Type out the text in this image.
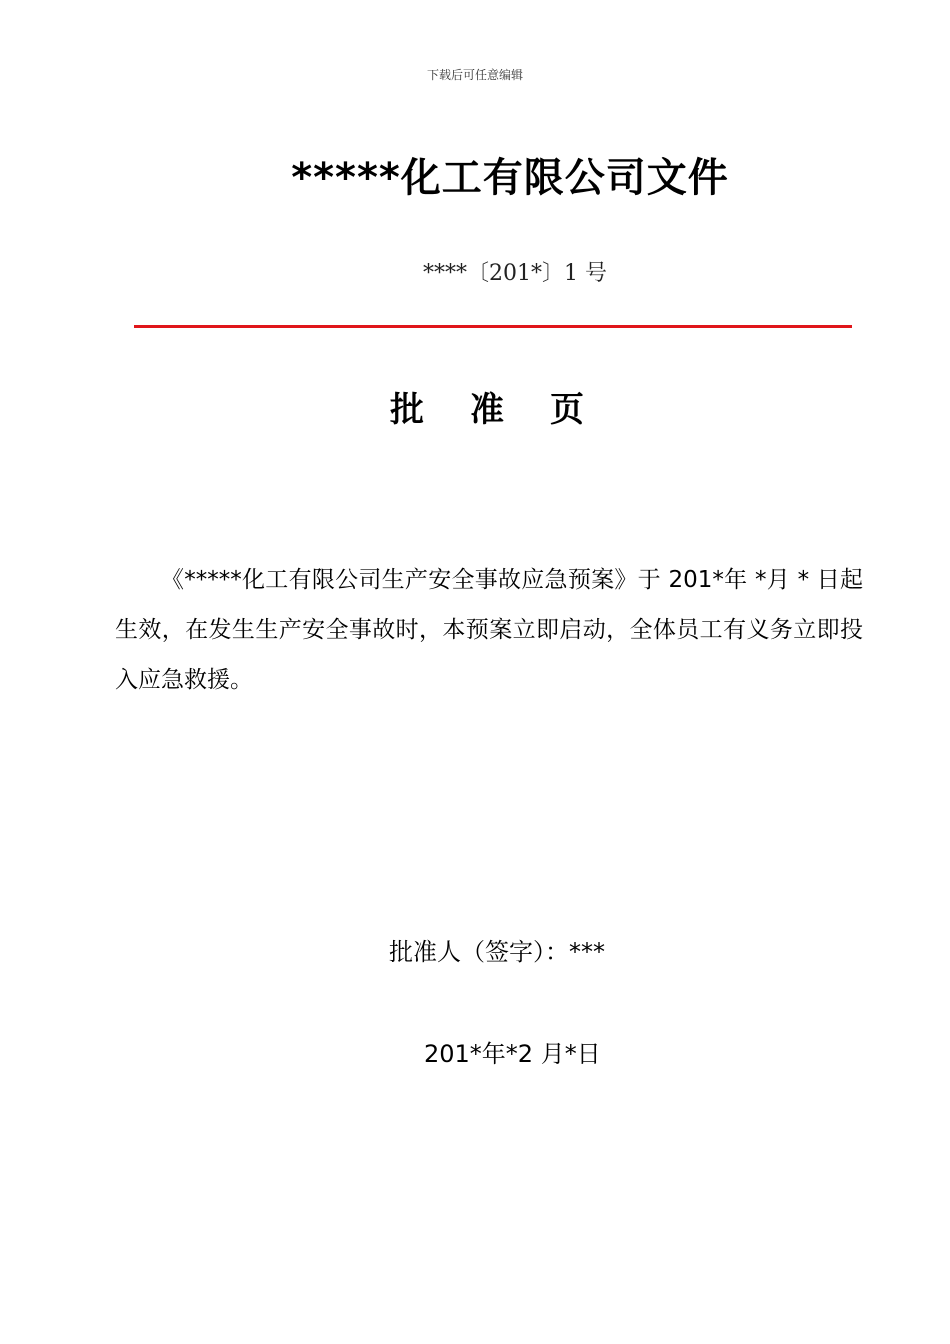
下载后可任意编辑
*****化工有限公司文件
****〔201*〕1 号
批准页
《*****化工有限公司生产安全事故应急预案》于 201*年 *月 * 日起生效，在发生生产安全事故时，本预案立即启动，全体员工有义务立即投入应急救援。
批准人（签字）：***
201*年*2 月*日
